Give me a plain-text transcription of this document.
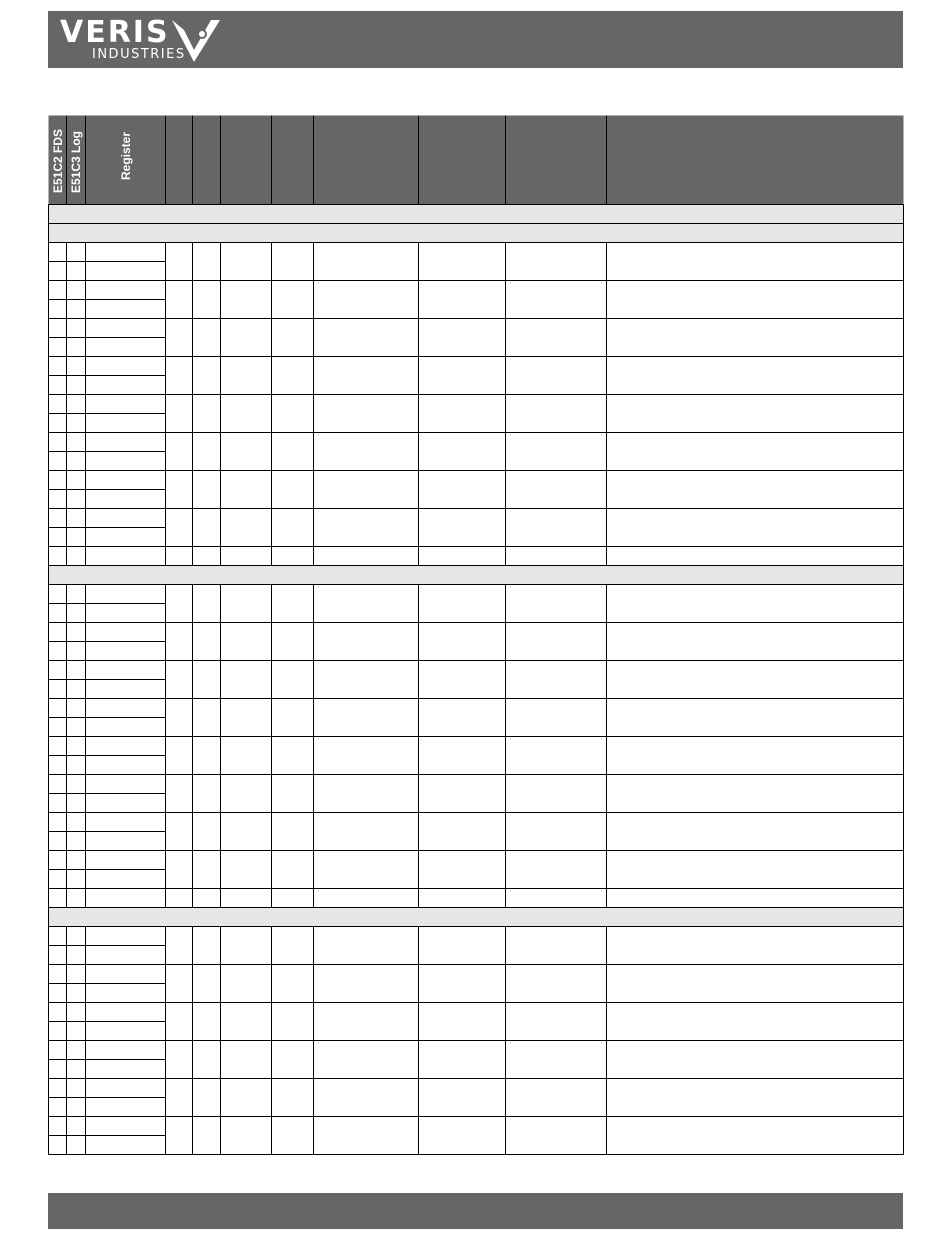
VERIS
INDUSTRIES
E51C2 FDS E51C3 Log	Register
